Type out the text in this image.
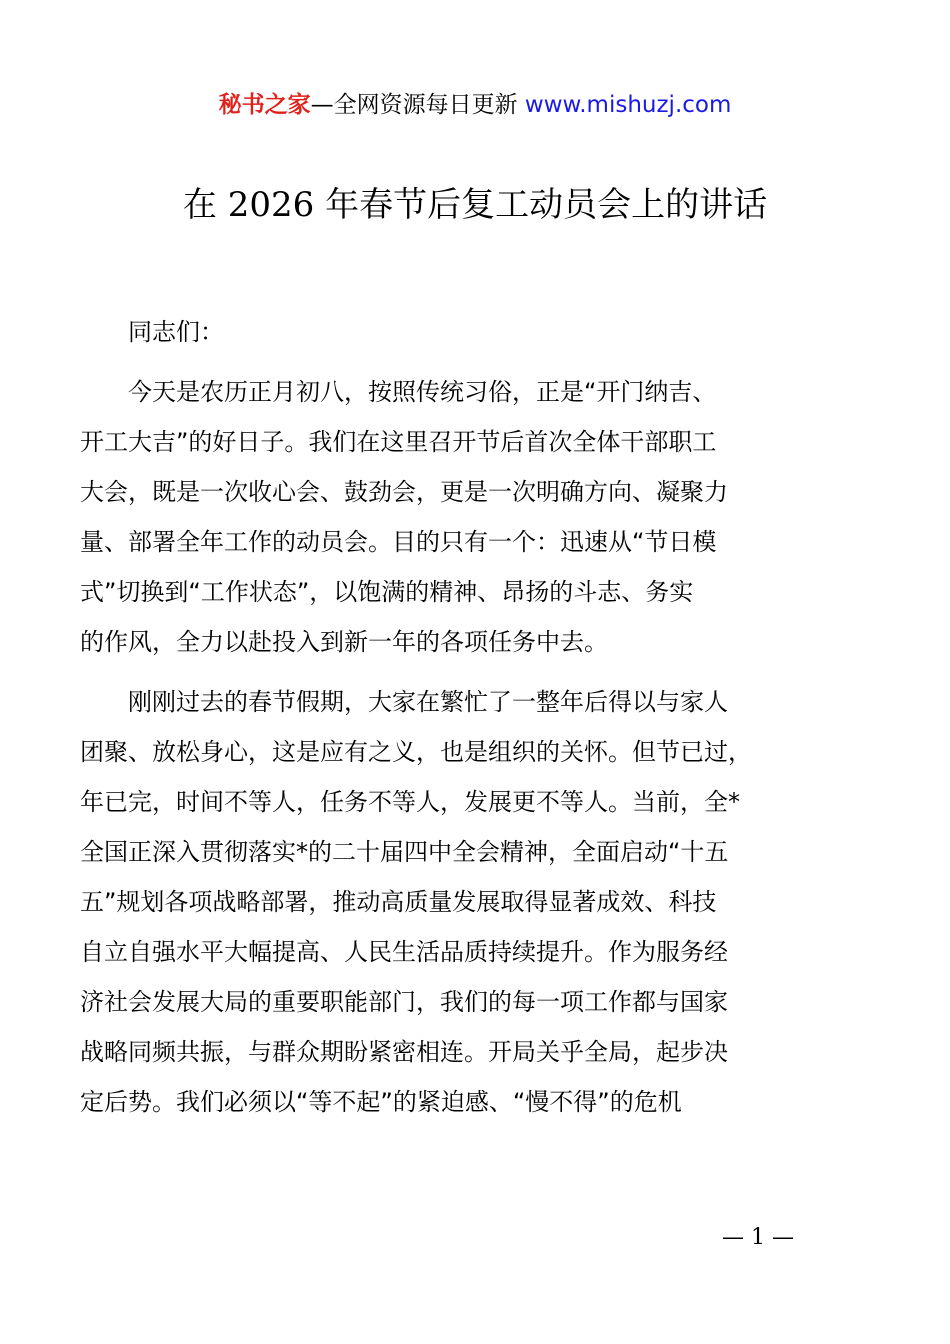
秘书之家—全网资源每日更新 www.mishuzj.com
在 2026 年春节后复工动员会上的讲话

同志们：

今天是农历正月初八，按照传统习俗，正是“开门纳吉、
开工大吉”的好日子。我们在这里召开节后首次全体干部职工
大会，既是一次收心会、鼓劲会，更是一次明确方向、凝聚力
量、部署全年工作的动员会。目的只有一个：迅速从“节日模
式”切换到“工作状态”，以饱满的精神、昂扬的斗志、务实
的作风，全力以赴投入到新一年的各项任务中去。

刚刚过去的春节假期，大家在繁忙了一整年后得以与家人
团聚、放松身心，这是应有之义，也是组织的关怀。但节已过，
年已完，时间不等人，任务不等人，发展更不等人。当前，全*
全国正深入贯彻落实*的二十届四中全会精神，全面启动“十五
五”规划各项战略部署，推动高质量发展取得显著成效、科技
自立自强水平大幅提高、人民生活品质持续提升。作为服务经
济社会发展大局的重要职能部门，我们的每一项工作都与国家
战略同频共振，与群众期盼紧密相连。开局关乎全局，起步决
定后势。我们必须以“等不起”的紧迫感、“慢不得”的危机

— 1 —
